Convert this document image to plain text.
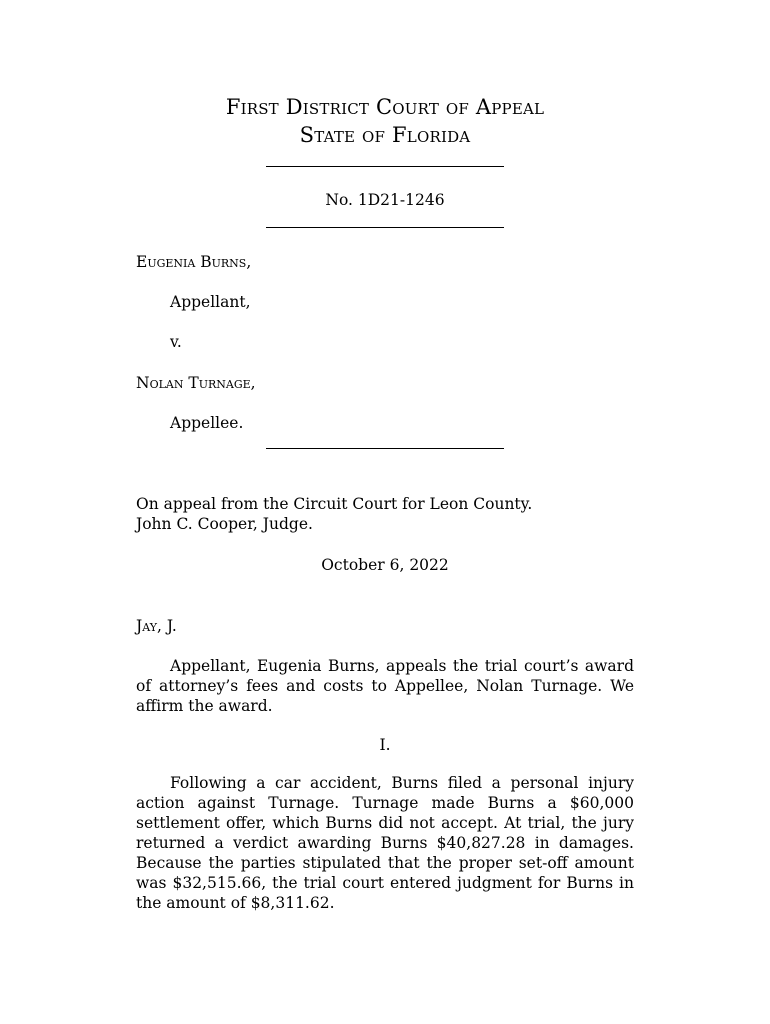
First District Court of Appeal
State of Florida
No. 1D21-1246
Eugenia Burns,
Appellant,
v.
Nolan Turnage,
Appellee.
On appeal from the Circuit Court for Leon County.
John C. Cooper, Judge.
October 6, 2022
Jay, J.
Appellant, Eugenia Burns, appeals the trial court’s award of attorney’s fees and costs to Appellee, Nolan Turnage. We affirm the award.
I.
Following a car accident, Burns filed a personal injury action against Turnage. Turnage made Burns a $60,000 settlement offer, which Burns did not accept. At trial, the jury returned a verdict awarding Burns $40,827.28 in damages. Because the parties stipulated that the proper set-off amount was $32,515.66, the trial court entered judgment for Burns in the amount of $8,311.62.
